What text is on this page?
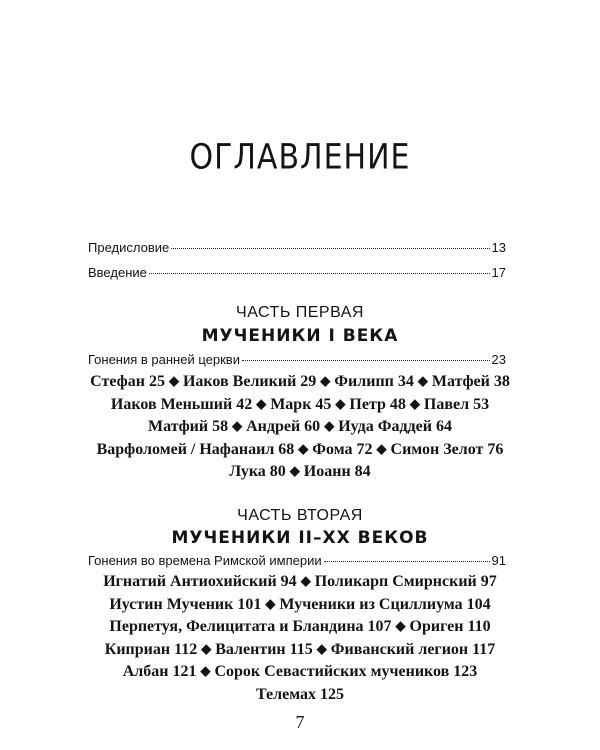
ОГЛАВЛЕНИЕ
Предисловие	13
Введение	17
ЧАСТЬ ПЕРВАЯ
МУЧЕНИКИ I ВЕКА
Гонения в ранней церкви	23
Стефан 25 ◆ Иаков Великий 29 ◆ Филипп 34 ◆ Матфей 38
Иаков Меньший 42 ◆ Марк 45 ◆ Петр 48 ◆ Павел 53
Матфий 58 ◆ Андрей 60 ◆ Иуда Фаддей 64
Варфоломей / Нафанаил 68 ◆ Фома 72 ◆ Симон Зелот 76
Лука 80 ◆ Иоанн 84
ЧАСТЬ ВТОРАЯ
МУЧЕНИКИ II–XX ВЕКОВ
Гонения во времена Римской империи	91
Игнатий Антиохийский 94 ◆ Поликарп Смирнский 97
Иустин Мученик 101 ◆ Мученики из Сциллиума 104
Перпетуя, Фелицитата и Бландина 107 ◆ Ориген 110
Киприан 112 ◆ Валентин 115 ◆ Фиванский легион 117
Албан 121 ◆ Сорок Севастийских мучеников 123
Телемах 125
7
